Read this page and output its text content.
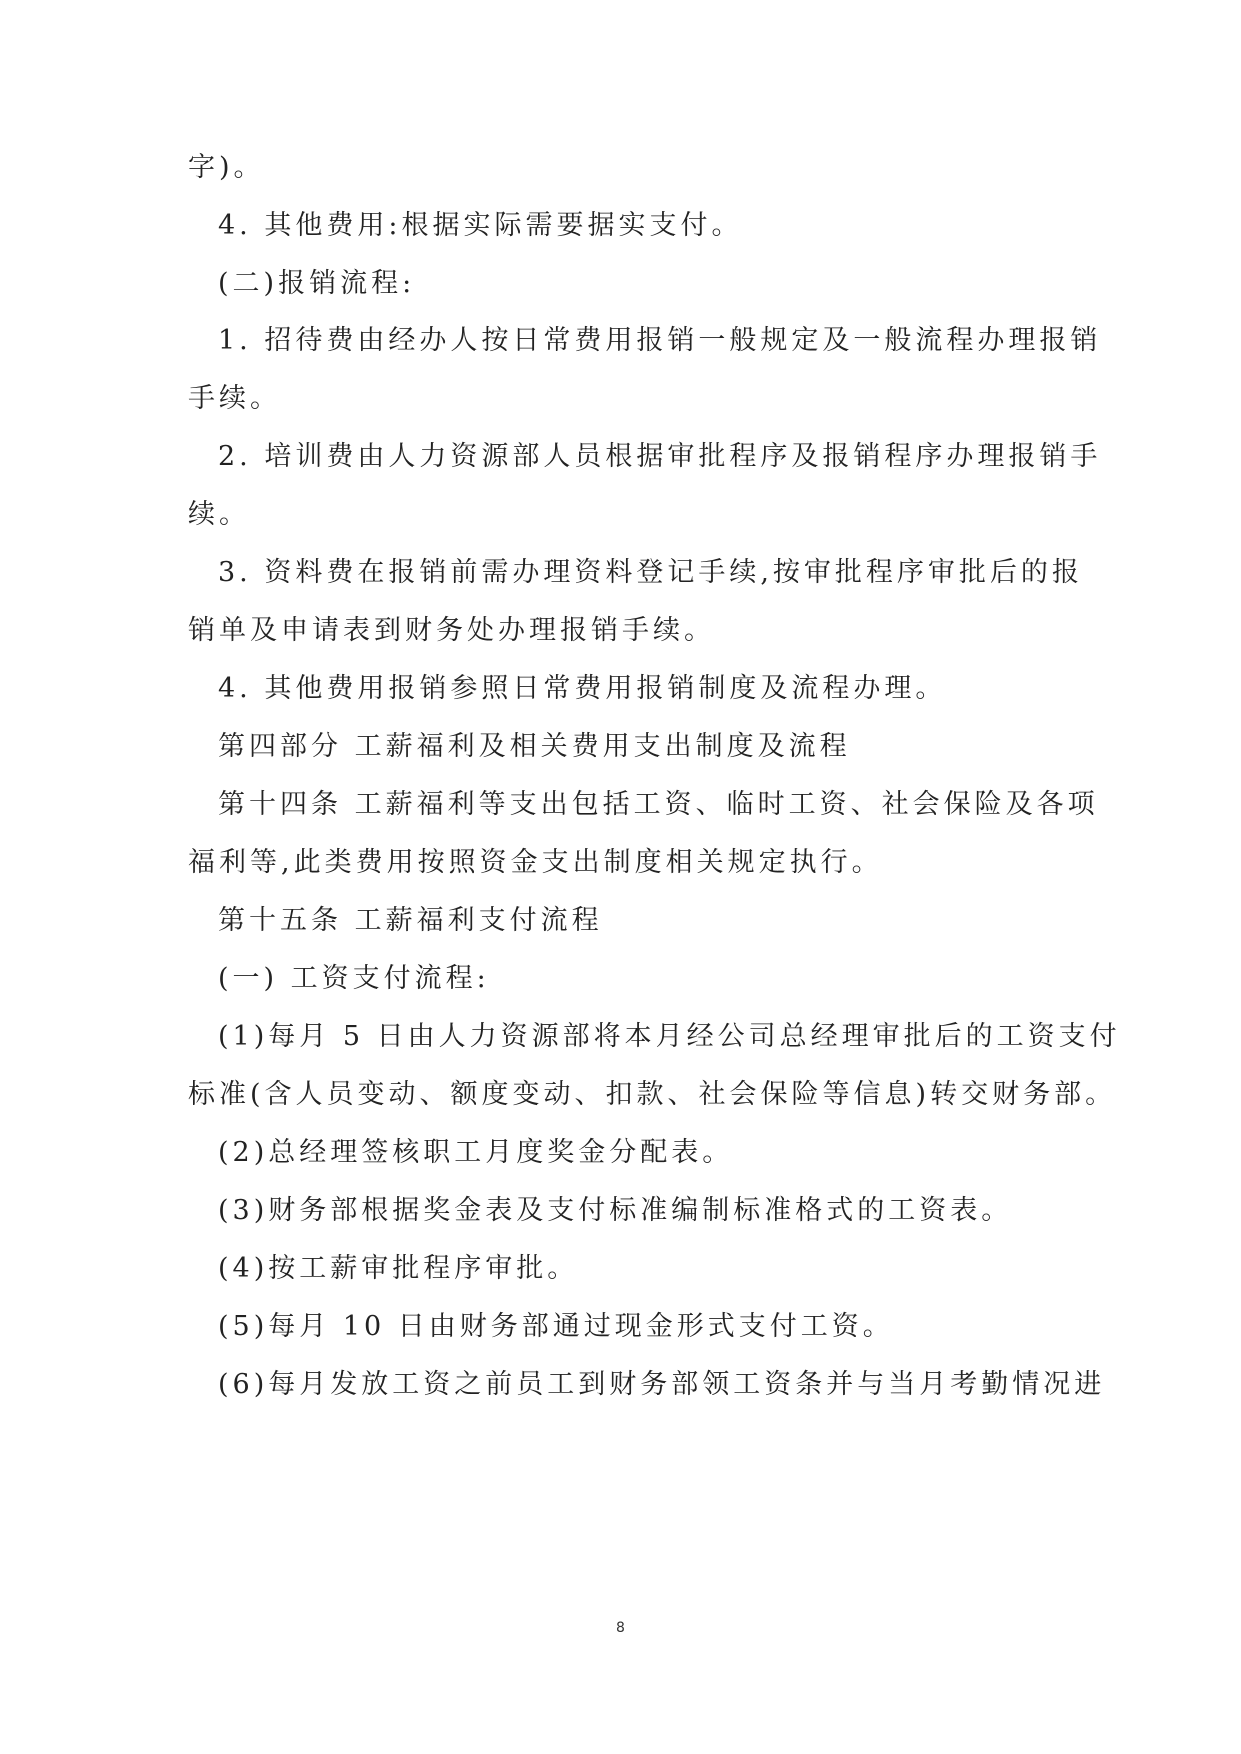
字)。
4. 其他费用:根据实际需要据实支付。
(二)报销流程:
1. 招待费由经办人按日常费用报销一般规定及一般流程办理报销
手续。
2. 培训费由人力资源部人员根据审批程序及报销程序办理报销手
续。
3. 资料费在报销前需办理资料登记手续,按审批程序审批后的报
销单及申请表到财务处办理报销手续。
4. 其他费用报销参照日常费用报销制度及流程办理。
第四部分 工薪福利及相关费用支出制度及流程
第十四条 工薪福利等支出包括工资、临时工资、社会保险及各项
福利等,此类费用按照资金支出制度相关规定执行。
第十五条 工薪福利支付流程
(一) 工资支付流程:
(1)每月 5 日由人力资源部将本月经公司总经理审批后的工资支付
标准(含人员变动、额度变动、扣款、社会保险等信息)转交财务部。
(2)总经理签核职工月度奖金分配表。
(3)财务部根据奖金表及支付标准编制标准格式的工资表。
(4)按工薪审批程序审批。
(5)每月 10 日由财务部通过现金形式支付工资。
(6)每月发放工资之前员工到财务部领工资条并与当月考勤情况进
8
